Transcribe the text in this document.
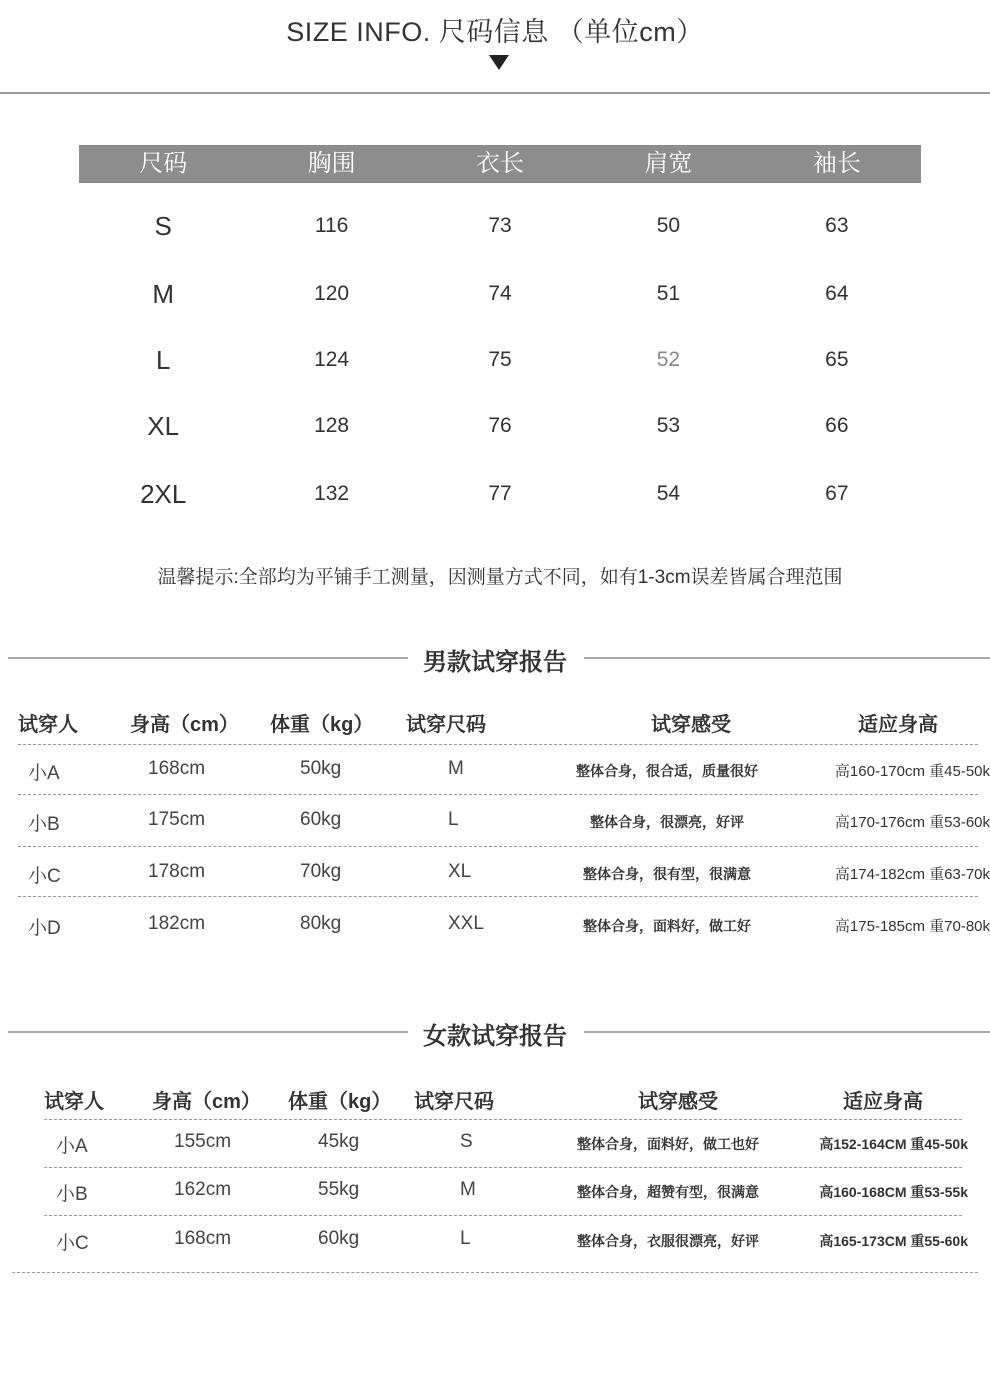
SIZE INFO. 尺码信息 （单位cm）
尺码	胸围	衣长	肩宽	袖长
S	116	73	50	63
M	120	74	51	64
L	124	75	52	65
XL	128	76	53	66
2XL	132	77	54	67
温馨提示:全部均为平铺手工测量，因测量方式不同，如有1-3cm误差皆属合理范围
男款试穿报告
试穿人	身高（cm）	体重（kg）	试穿尺码	试穿感受	适应身高
小A	168cm	50kg	M	整体合身，很合适，质量很好	高160-170cm 重45-50k
小B	175cm	60kg	L	整体合身，很漂亮，好评	高170-176cm 重53-60k
小C	178cm	70kg	XL	整体合身，很有型，很满意	高174-182cm 重63-70k
小D	182cm	80kg	XXL	整体合身，面料好，做工好	高175-185cm 重70-80k
女款试穿报告
试穿人	身高（cm）	体重（kg）	试穿尺码	试穿感受	适应身高
小A	155cm	45kg	S	整体合身，面料好，做工也好	高152-164CM 重45-50k
小B	162cm	55kg	M	整体合身，超赞有型，很满意	高160-168CM 重53-55k
小C	168cm	60kg	L	整体合身，衣服很漂亮，好评	高165-173CM 重55-60k
